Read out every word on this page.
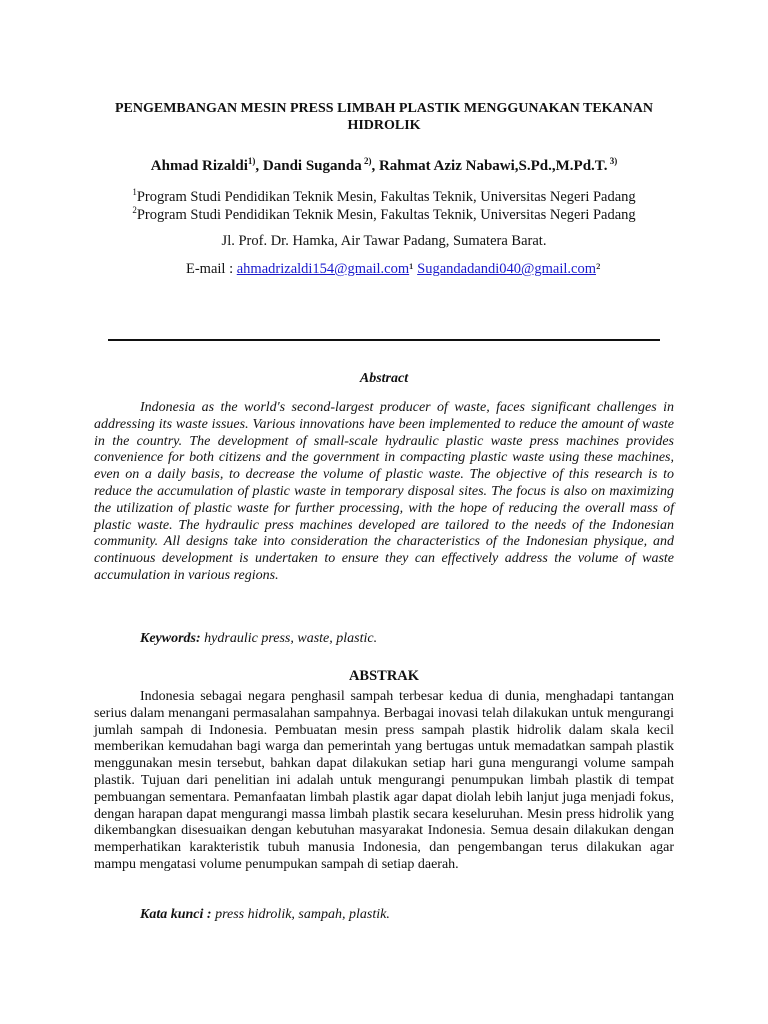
PENGEMBANGAN MESIN PRESS LIMBAH PLASTIK MENGGUNAKAN TEKANAN HIDROLIK
Ahmad Rizaldi$^{1)}$, Dandi Suganda $^{2)}$, Rahmat Aziz Nabawi,S.Pd.,M.Pd.T. $^{3)}$
$^1$Program Studi Pendidikan Teknik Mesin, Fakultas Teknik, Universitas Negeri Padang
$^2$Program Studi Pendidikan Teknik Mesin, Fakultas Teknik, Universitas Negeri Padang
Jl. Prof. Dr. Hamka, Air Tawar Padang, Sumatera Barat.
E-mail : ahmadrizaldi154@gmail.com¹ Sugandadandi040@gmail.com²
Abstract

Indonesia as the world's second-largest producer of waste, faces significant challenges in addressing its waste issues. Various innovations have been implemented to reduce the amount of waste in the country. The development of small-scale hydraulic plastic waste press machines provides convenience for both citizens and the government in compacting plastic waste using these machines, even on a daily basis, to decrease the volume of plastic waste. The objective of this research is to reduce the accumulation of plastic waste in temporary disposal sites. The focus is also on maximizing the utilization of plastic waste for further processing, with the hope of reducing the overall mass of plastic waste. The hydraulic press machines developed are tailored to the needs of the Indonesian community. All designs take into consideration the characteristics of the Indonesian physique, and continuous development is undertaken to ensure they can effectively address the volume of waste accumulation in various regions.

Keywords: hydraulic press, waste, plastic.
ABSTRAK

Indonesia sebagai negara penghasil sampah terbesar kedua di dunia, menghadapi tantangan serius dalam menangani permasalahan sampahnya. Berbagai inovasi telah dilakukan untuk mengurangi jumlah sampah di Indonesia. Pembuatan mesin press sampah plastik hidrolik dalam skala kecil memberikan kemudahan bagi warga dan pemerintah yang bertugas untuk memadatkan sampah plastik menggunakan mesin tersebut, bahkan dapat dilakukan setiap hari guna mengurangi volume sampah plastik. Tujuan dari penelitian ini adalah untuk mengurangi penumpukan limbah plastik di tempat pembuangan sementara. Pemanfaatan limbah plastik agar dapat diolah lebih lanjut juga menjadi fokus, dengan harapan dapat mengurangi massa limbah plastik secara keseluruhan. Mesin press hidrolik yang dikembangkan disesuaikan dengan kebutuhan masyarakat Indonesia. Semua desain dilakukan dengan memperhatikan karakteristik tubuh manusia Indonesia, dan pengembangan terus dilakukan agar mampu mengatasi volume penumpukan sampah di setiap daerah.

Kata kunci : press hidrolik, sampah, plastik.
